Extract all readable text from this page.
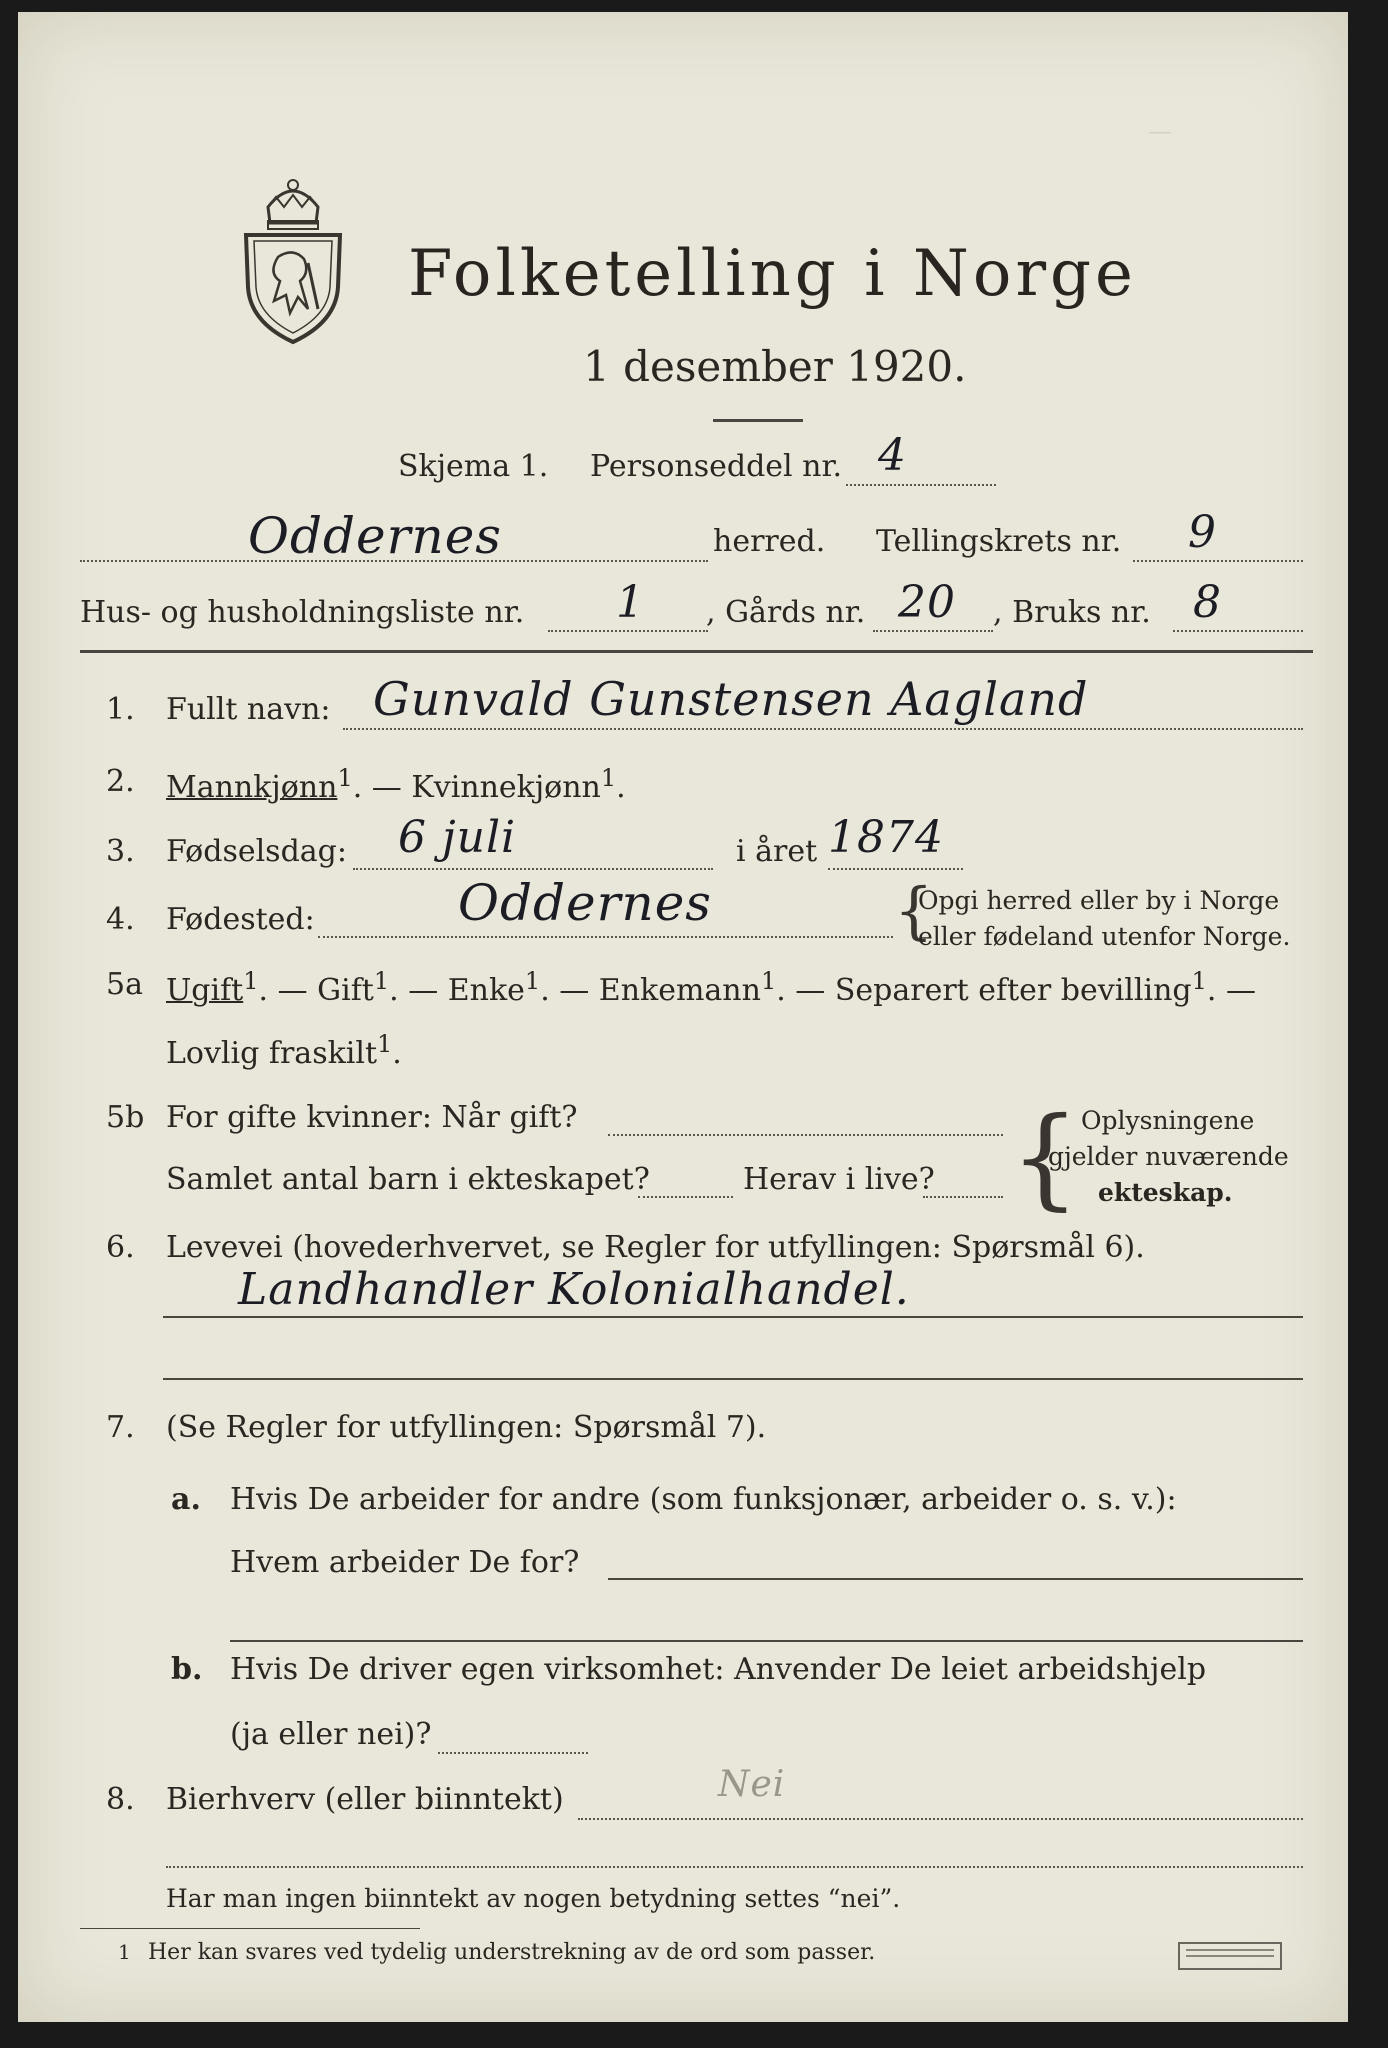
—
Folketelling i Norge
1 desember 1920.
Skjema 1. Personseddel nr. 4
Oddernes	herred. Tellingskrets nr. 9
Hus- og husholdningsliste nr. 1 , Gårds nr. 20 , Bruks nr. 8
1. Fullt navn: Gunvald Gunstensen Aagland
2. Mannkjønn$^1$. — Kvinnekjønn$^1$.
3. Fødselsdag: 6 juli	i året 1874
4. Fødested:	Oddernes	{
Opgi herred eller by i Norge
eller fødeland utenfor Norge.
5a Ugift$^1$. — Gift$^1$. — Enke$^1$. — Enkemann$^1$. — Separert efter bevilling$^1$. —
Lovlig fraskilt$^1$.
5b For gifte kvinner: Når gift?
Samlet antal barn i ekteskapet?	Herav i live? { Oplysningene
gjelder nuværende
ekteskap.
6. Levevei (hovederhvervet, se Regler for utfyllingen: Spørsmål 6).
Landhandler Kolonialhandel.
7. (Se Regler for utfyllingen: Spørsmål 7).
a. Hvis De arbeider for andre (som funksjonær, arbeider o. s. v.):
Hvem arbeider De for?
b. Hvis De driver egen virksomhet: Anvender De leiet arbeidshjelp
(ja eller nei)?
8. Bierhverv (eller biinntekt)	Nei
Har man ingen biinntekt av nogen betydning settes “nei”.
1 Her kan svares ved tydelig understrekning av de ord som passer.
